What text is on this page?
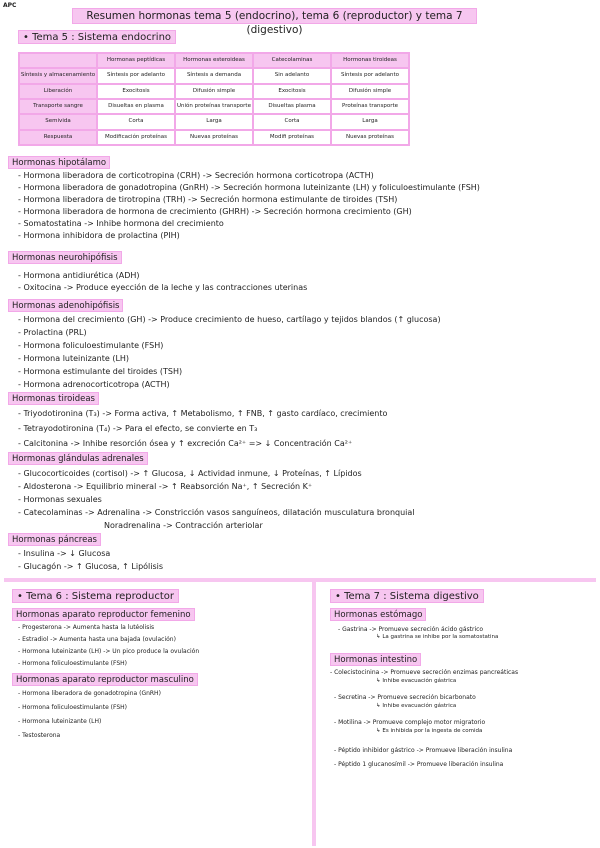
APC
Resumen hormonas tema 5 (endocrino), tema 6 (reproductor) y tema 7 (digestivo)
• Tema 5 : Sistema endocrino
	Hormonas peptídicas	Hormonas esteroideas	Catecolaminas	Hormonas tiroideas
Síntesis y almacenamiento	Síntesis por adelanto	Síntesis a demanda	Sin adelanto	Síntesis por adelanto
Liberación	Exocitosis	Difusión simple	Exocitosis	Difusión simple
Transporte sangre	Disueltas en plasma	Unión proteínas transporte	Disueltas plasma	Proteínas transporte
Semivida	Corta	Larga	Corta	Larga
Respuesta	Modificación proteínas	Nuevas proteínas	Modifi proteínas	Nuevas proteínas
Hormonas hipotálamo
- Hormona liberadora de corticotropina (CRH) -> Secreción hormona corticotropa (ACTH)
- Hormona liberadora de gonadotropina (GnRH) -> Secreción hormona luteinizante (LH) y foliculoestimulante (FSH)
- Hormona liberadora de tirotropina (TRH) -> Secreción hormona estimulante de tiroides (TSH)
- Hormona liberadora de hormona de crecimiento (GHRH) -> Secreción hormona crecimiento (GH)
- Somatostatina -> Inhibe hormona del crecimiento
- Hormona inhibidora de prolactina (PIH)
Hormonas neurohipófisis
- Hormona antidiurética (ADH)
- Oxitocina -> Produce eyección de la leche y las contracciones uterinas
Hormonas adenohipófisis
- Hormona del crecimiento (GH) -> Produce crecimiento de hueso, cartílago y tejidos blandos (↑ glucosa)
- Prolactina (PRL)
- Hormona foliculoestimulante (FSH)
- Hormona luteinizante (LH)
- Hormona estimulante del tiroides (TSH)
- Hormona adrenocorticotropa (ACTH)
Hormonas tiroideas
- Triyodotironina (T₃) -> Forma activa, ↑ Metabolismo, ↑ FNB, ↑ gasto cardíaco, crecimiento
- Tetrayodotironina (T₄) -> Para el efecto, se convierte en T₃
- Calcitonina -> Inhibe resorción ósea y ↑ excreción Ca²⁺ => ↓ Concentración Ca²⁺
Hormonas glándulas adrenales
- Glucocorticoides (cortisol) -> ↑ Glucosa, ↓ Actividad inmune, ↓ Proteínas, ↑ Lípidos
- Aldosterona -> Equilibrio mineral -> ↑ Reabsorción Na⁺, ↑ Secreción K⁺
- Hormonas sexuales
- Catecolaminas -> Adrenalina -> Constricción vasos sanguíneos, dilatación musculatura bronquial
Noradrenalina -> Contracción arteriolar
Hormonas páncreas
- Insulina -> ↓ Glucosa
- Glucagón -> ↑ Glucosa, ↑ Lipólisis
• Tema 6 : Sistema reproductor
Hormonas aparato reproductor femenino
- Progesterona -> Aumenta hasta la lutéolisis
- Estradiol -> Aumenta hasta una bajada (ovulación)
- Hormona luteinizante (LH) -> Un pico produce la ovulación
- Hormona foliculoestimulante (FSH)
Hormonas aparato reproductor masculino
- Hormona liberadora de gonadotropina (GnRH)
- Hormona foliculoestimulante (FSH)
- Hormona luteinizante (LH)
- Testosterona
• Tema 7 : Sistema digestivo
Hormonas estómago
- Gastrina -> Promueve secreción ácido gástrico
↳ La gastrina se inhibe por la somatostatina
Hormonas intestino
- Colecistocinina -> Promueve secreción enzimas pancreáticas
↳ Inhibe evacuación gástrica
- Secretina -> Promueve secreción bicarbonato
↳ Inhibe evacuación gástrica
- Motilina -> Promueve complejo motor migratorio
↳ Es inhibida por la ingesta de comida
- Péptido inhibidor gástrico -> Promueve liberación insulina
- Péptido 1 glucanosímil -> Promueve liberación insulina
